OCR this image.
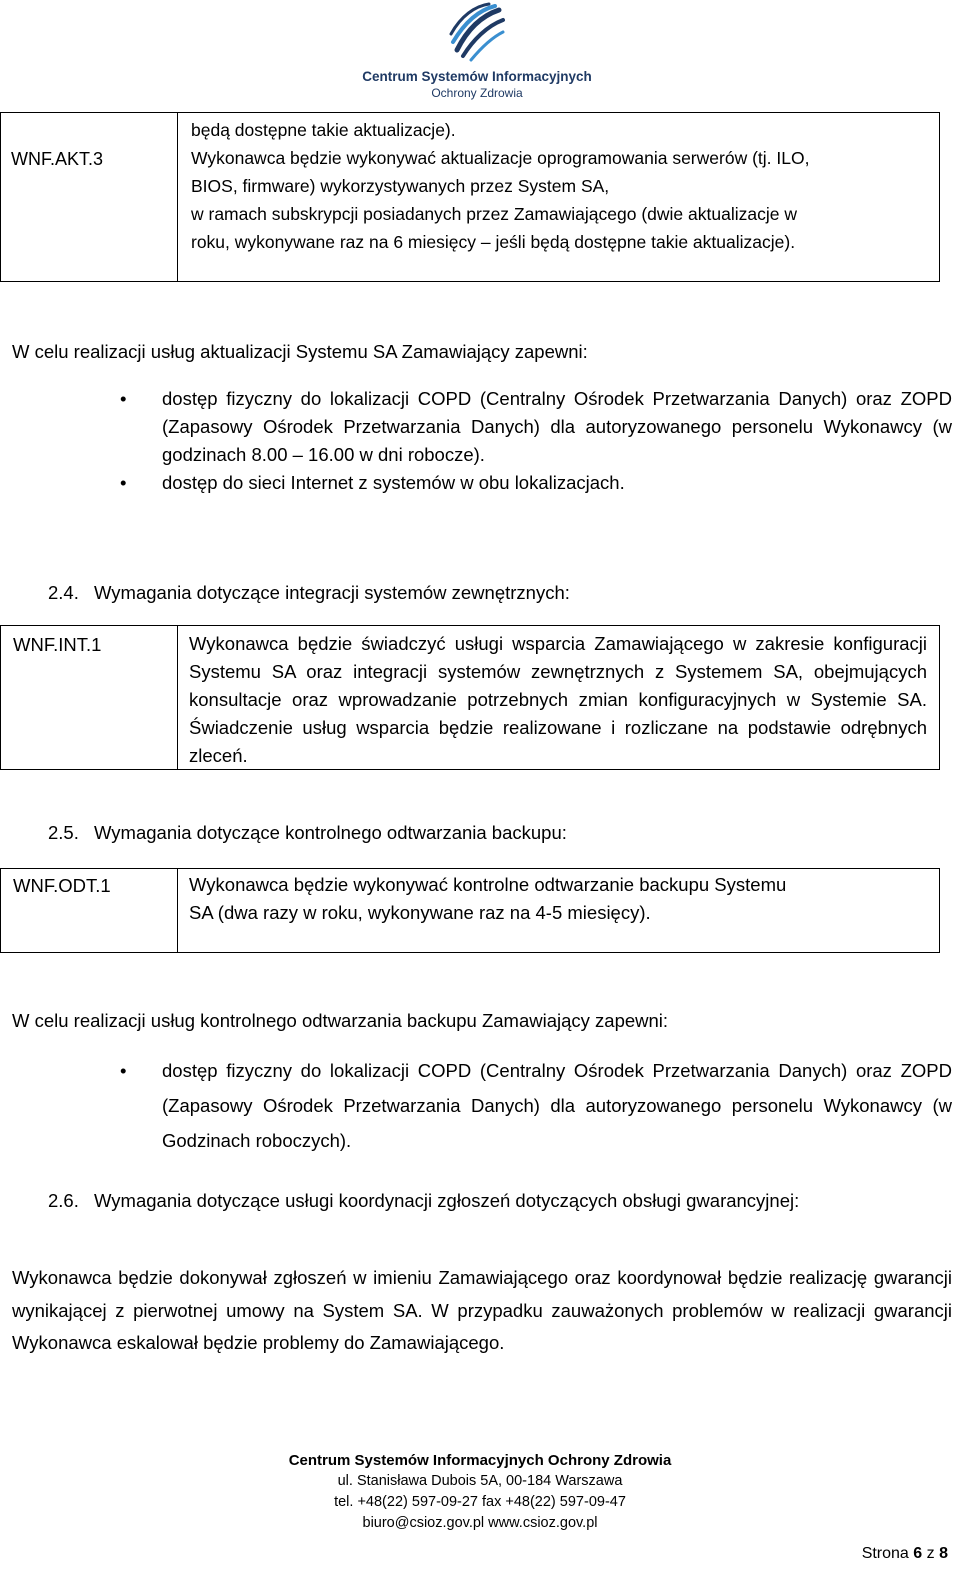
Centrum Systemów Informacyjnych
Ochrony Zdrowia
WNF.AKT.3
będą dostępne takie aktualizacje).
Wykonawca będzie wykonywać aktualizacje oprogramowania serwerów (tj. ILO,
BIOS, firmware) wykorzystywanych przez System SA,
w ramach subskrypcji posiadanych przez Zamawiającego (dwie aktualizacje w
roku, wykonywane raz na 6 miesięcy – jeśli będą dostępne takie aktualizacje).
W celu realizacji usług aktualizacji Systemu SA Zamawiający zapewni:
• dostęp fizyczny do lokalizacji COPD (Centralny Ośrodek Przetwarzania Danych) oraz ZOPD (Zapasowy Ośrodek Przetwarzania Danych) dla autoryzowanego personelu Wykonawcy (w godzinach 8.00 – 16.00 w dni robocze).
• dostęp do sieci Internet z systemów w obu lokalizacjach.
2.4. Wymagania dotyczące integracji systemów zewnętrznych:
WNF.INT.1	Wykonawca będzie świadczyć usługi wsparcia Zamawiającego w zakresie konfiguracji Systemu SA oraz integracji systemów zewnętrznych z Systemem SA, obejmujących konsultacje oraz wprowadzanie potrzebnych zmian konfiguracyjnych w Systemie SA. Świadczenie usług wsparcia będzie realizowane i rozliczane na podstawie odrębnych zleceń.
2.5. Wymagania dotyczące kontrolnego odtwarzania backupu:
WNF.ODT.1	Wykonawca będzie wykonywać kontrolne odtwarzanie backupu Systemu
SA (dwa razy w roku, wykonywane raz na 4-5 miesięcy).
W celu realizacji usług kontrolnego odtwarzania backupu Zamawiający zapewni:
• dostęp fizyczny do lokalizacji COPD (Centralny Ośrodek Przetwarzania Danych) oraz ZOPD (Zapasowy Ośrodek Przetwarzania Danych) dla autoryzowanego personelu Wykonawcy (w Godzinach roboczych).
2.6. Wymagania dotyczące usługi koordynacji zgłoszeń dotyczących obsługi gwarancyjnej:
Wykonawca będzie dokonywał zgłoszeń w imieniu Zamawiającego oraz koordynował będzie realizację gwarancji wynikającej z pierwotnej umowy na System SA. W przypadku zauważonych problemów w realizacji gwarancji Wykonawca eskalował będzie problemy do Zamawiającego.
Centrum Systemów Informacyjnych Ochrony Zdrowia
ul. Stanisława Dubois 5A, 00-184 Warszawa
tel. +48(22) 597-09-27 fax +48(22) 597-09-47
biuro@csioz.gov.pl www.csioz.gov.pl
Strona 6 z 8
